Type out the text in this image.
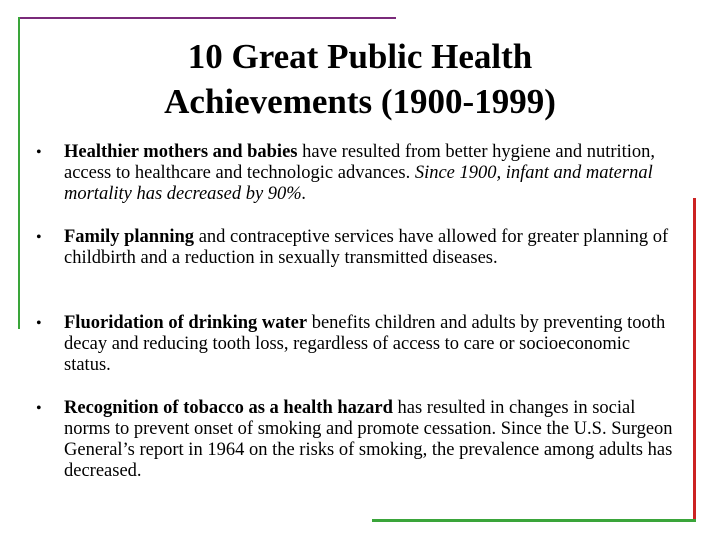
10 Great Public Health
Achievements (1900-1999)
• Healthier mothers and babies have resulted from better hygiene and nutrition, access to healthcare and technologic advances. Since 1900, infant and maternal mortality has decreased by 90%.
• Family planning and contraceptive services have allowed for greater planning of childbirth and a reduction in sexually transmitted diseases.
• Fluoridation of drinking water benefits children and adults by preventing tooth decay and reducing tooth loss, regardless of access to care or socioeconomic status.
• Recognition of tobacco as a health hazard has resulted in changes in social norms to prevent onset of smoking and promote cessation. Since the U.S. Surgeon General’s report in 1964 on the risks of smoking, the prevalence among adults has decreased.
